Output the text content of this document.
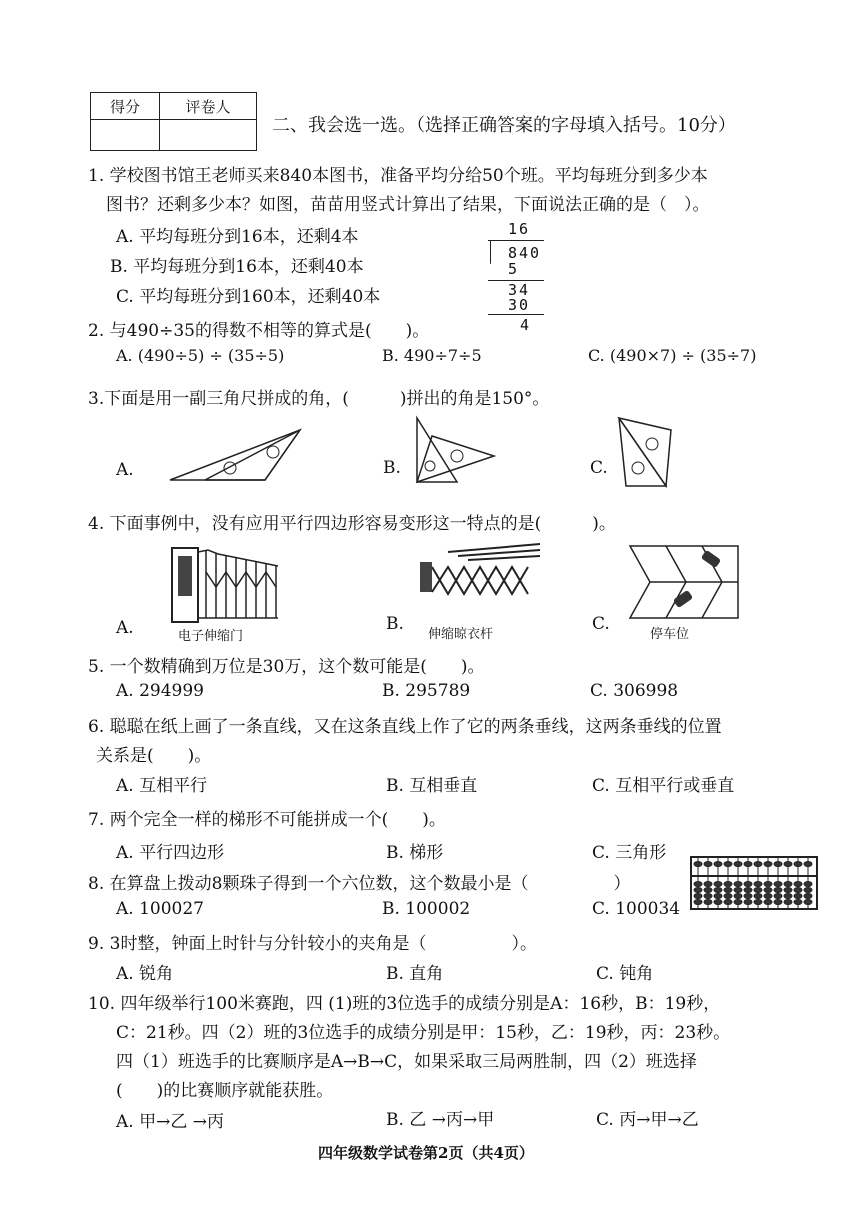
得分	评卷人

二、我会选一选。（选择正确答案的字母填入括号。10分）
1. 学校图书馆王老师买来840本图书，准备平均分给50个班。平均每班分到多少本
图书？还剩多少本？如图，苗苗用竖式计算出了结果，下面说法正确的是（　）。
A. 平均每班分到16本，还剩4本
B. 平均每班分到16本，还剩40本
C. 平均每班分到160本，还剩40本
16
840
5
34
30
4
2. 与490÷35的得数不相等的算式是(　　)。
A. (490÷5) ÷ (35÷5)	B. 490÷7÷5	C. (490×7) ÷ (35÷7)
3.下面是用一副三角尺拼成的角，(　　　)拼出的角是150°。
A.	B.	C.
4. 下面事例中，没有应用平行四边形容易变形这一特点的是(　　　)。
A.	B.	C.
电子伸缩门	伸缩晾衣杆	停车位
5. 一个数精确到万位是30万，这个数可能是(　　)。
A. 294999	B. 295789	C. 306998
6. 聪聪在纸上画了一条直线，又在这条直线上作了它的两条垂线，这两条垂线的位置
关系是(　　)。
A. 互相平行	B. 互相垂直	C. 互相平行或垂直
7. 两个完全一样的梯形不可能拼成一个(　　)。
A. 平行四边形	B. 梯形	C. 三角形
8. 在算盘上拨动8颗珠子得到一个六位数，这个数最小是（　　　　　）
A. 100027	B. 100002	C. 100034
9. 3时整，钟面上时针与分针较小的夹角是（　　　　　）。
A. 锐角	B. 直角	C. 钝角
10. 四年级举行100米赛跑，四 (1)班的3位选手的成绩分别是A：16秒，B：19秒，
C：21秒。四（2）班的3位选手的成绩分别是甲：15秒，乙：19秒，丙：23秒。
四（1）班选手的比赛顺序是A→B→C，如果采取三局两胜制，四（2）班选择
(　　)的比赛顺序就能获胜。
A. 甲→乙 →丙	B. 乙 →丙→甲	C. 丙→甲→乙
四年级数学试卷第2页（共4页）
